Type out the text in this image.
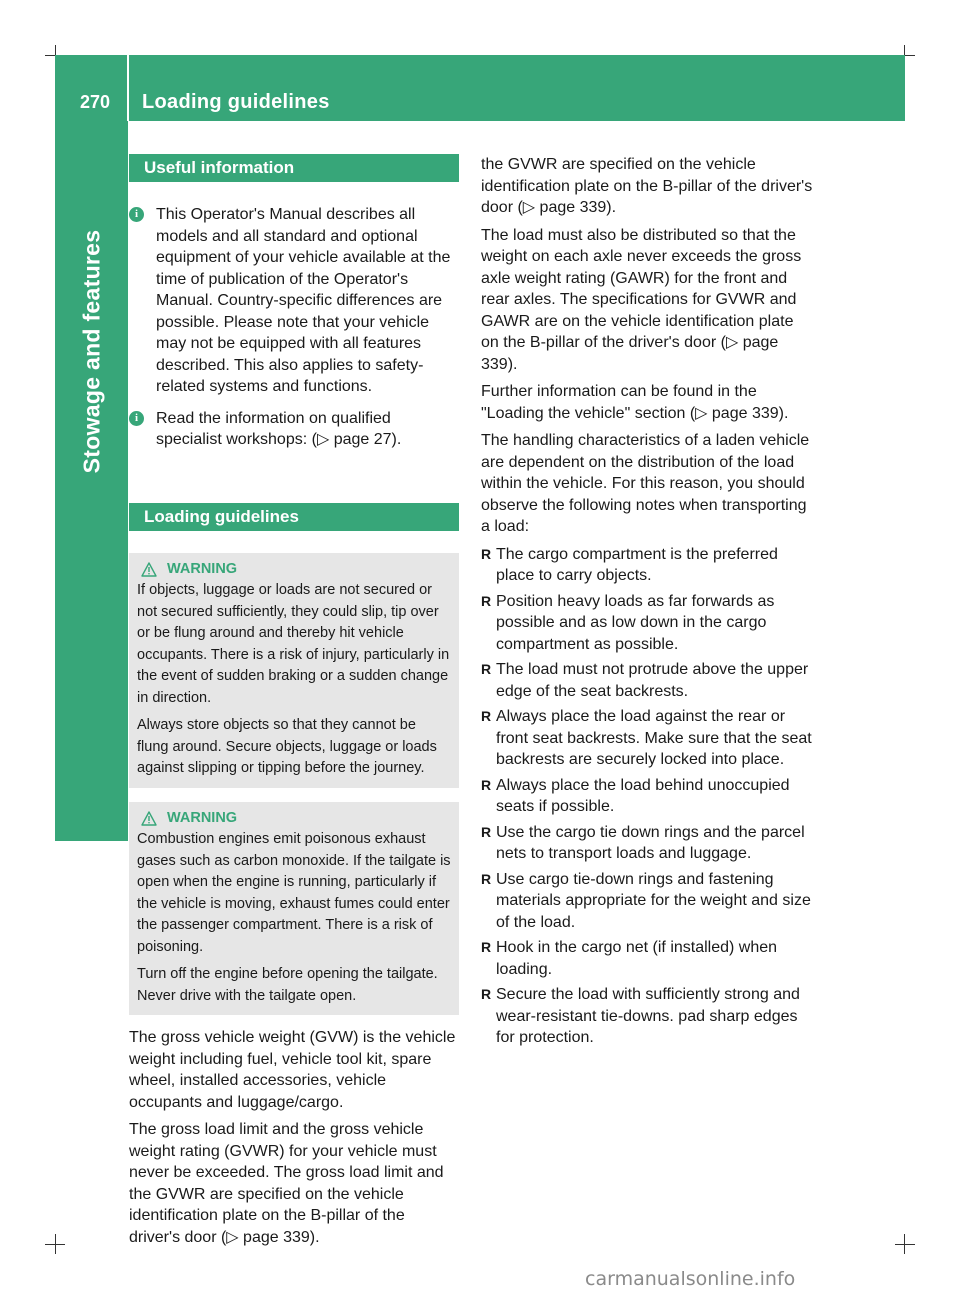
270 Loading guidelines
Stowage and features
Useful information
i	This Operator's Manual describes all models and all standard and optional equipment of your vehicle available at the time of publication of the Operator's Manual. Country-specific differences are possible. Please note that your vehicle may not be equipped with all features described. This also applies to safety-related systems and functions.

i	Read the information on qualified specialist workshops: (▷ page 27).

Loading guidelines
WARNING

If objects, luggage or loads are not secured or not secured sufficiently, they could slip, tip over or be flung around and thereby hit vehicle occupants. There is a risk of injury, particularly in the event of sudden braking or a sudden change in direction.

Always store objects so that they cannot be flung around. Secure objects, luggage or loads against slipping or tipping before the journey.

WARNING

Combustion engines emit poisonous exhaust gases such as carbon monoxide. If the tailgate is open when the engine is running, particularly if the vehicle is moving, exhaust fumes could enter the passenger compartment. There is a risk of poisoning.

Turn off the engine before opening the tailgate. Never drive with the tailgate open.

The gross vehicle weight (GVW) is the vehicle weight including fuel, vehicle tool kit, spare wheel, installed accessories, vehicle occupants and luggage/cargo.

The gross load limit and the gross vehicle weight rating (GVWR) for your vehicle must never be exceeded. The gross load limit and the GVWR are specified on the vehicle identification plate on the B-pillar of the driver's door (▷ page 339).

the GVWR are specified on the vehicle identification plate on the B-pillar of the driver's door (▷ page 339).

The load must also be distributed so that the weight on each axle never exceeds the gross axle weight rating (GAWR) for the front and rear axles. The specifications for GVWR and GAWR are on the vehicle identification plate on the B-pillar of the driver's door (▷ page 339).

Further information can be found in the "Loading the vehicle" section (▷ page 339).

The handling characteristics of a laden vehicle are dependent on the distribution of the load within the vehicle. For this reason, you should observe the following notes when transporting a load:

R The cargo compartment is the preferred place to carry objects.
R Position heavy loads as far forwards as possible and as low down in the cargo compartment as possible.
R The load must not protrude above the upper edge of the seat backrests.
R Always place the load against the rear or front seat backrests. Make sure that the seat backrests are securely locked into place.
R Always place the load behind unoccupied seats if possible.
R Use the cargo tie down rings and the parcel nets to transport loads and luggage.
R Use cargo tie-down rings and fastening materials appropriate for the weight and size of the load.
R Hook in the cargo net (if installed) when loading.
R Secure the load with sufficiently strong and wear-resistant tie-downs. pad sharp edges for protection.
carmanualsonline.info
